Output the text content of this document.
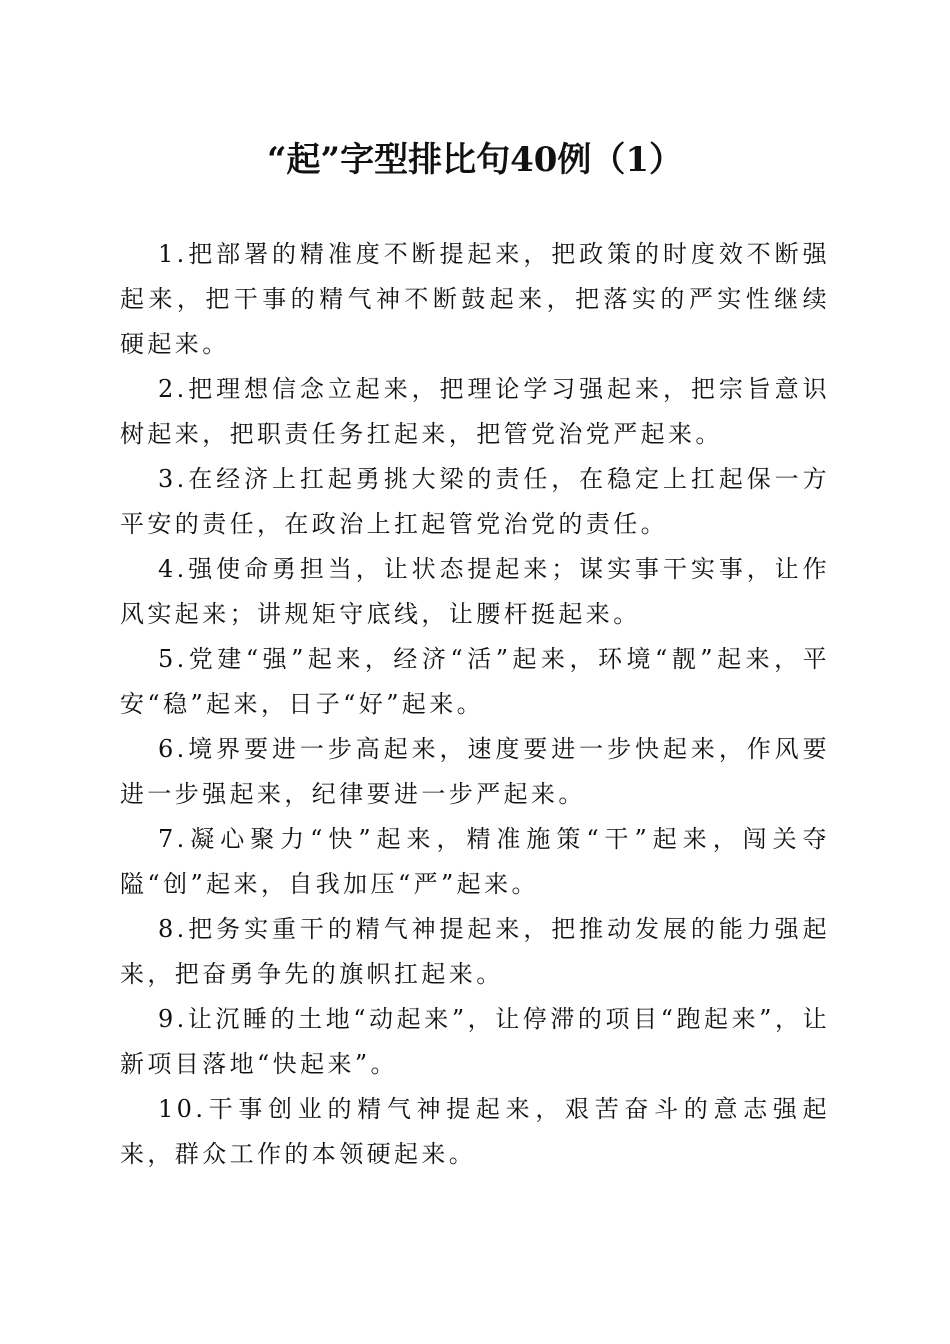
“起”字型排比句40例（1）

1.把部署的精准度不断提起来，把政策的时度效不断强起来，把干事的精气神不断鼓起来，把落实的严实性继续硬起来。

2.把理想信念立起来，把理论学习强起来，把宗旨意识树起来，把职责任务扛起来，把管党治党严起来。

3.在经济上扛起勇挑大梁的责任，在稳定上扛起保一方平安的责任，在政治上扛起管党治党的责任。

4.强使命勇担当，让状态提起来；谋实事干实事，让作风实起来；讲规矩守底线，让腰杆挺起来。

5.党建“强”起来，经济“活”起来，环境“靓”起来，平安“稳”起来，日子“好”起来。

6.境界要进一步高起来，速度要进一步快起来，作风要进一步强起来，纪律要进一步严起来。

7.凝心聚力“快”起来，精准施策“干”起来，闯关夺隘“创”起来，自我加压“严”起来。

8.把务实重干的精气神提起来，把推动发展的能力强起来，把奋勇争先的旗帜扛起来。

9.让沉睡的土地“动起来”，让停滞的项目“跑起来”，让新项目落地“快起来”。

10.干事创业的精气神提起来，艰苦奋斗的意志强起来，群众工作的本领硬起来。
